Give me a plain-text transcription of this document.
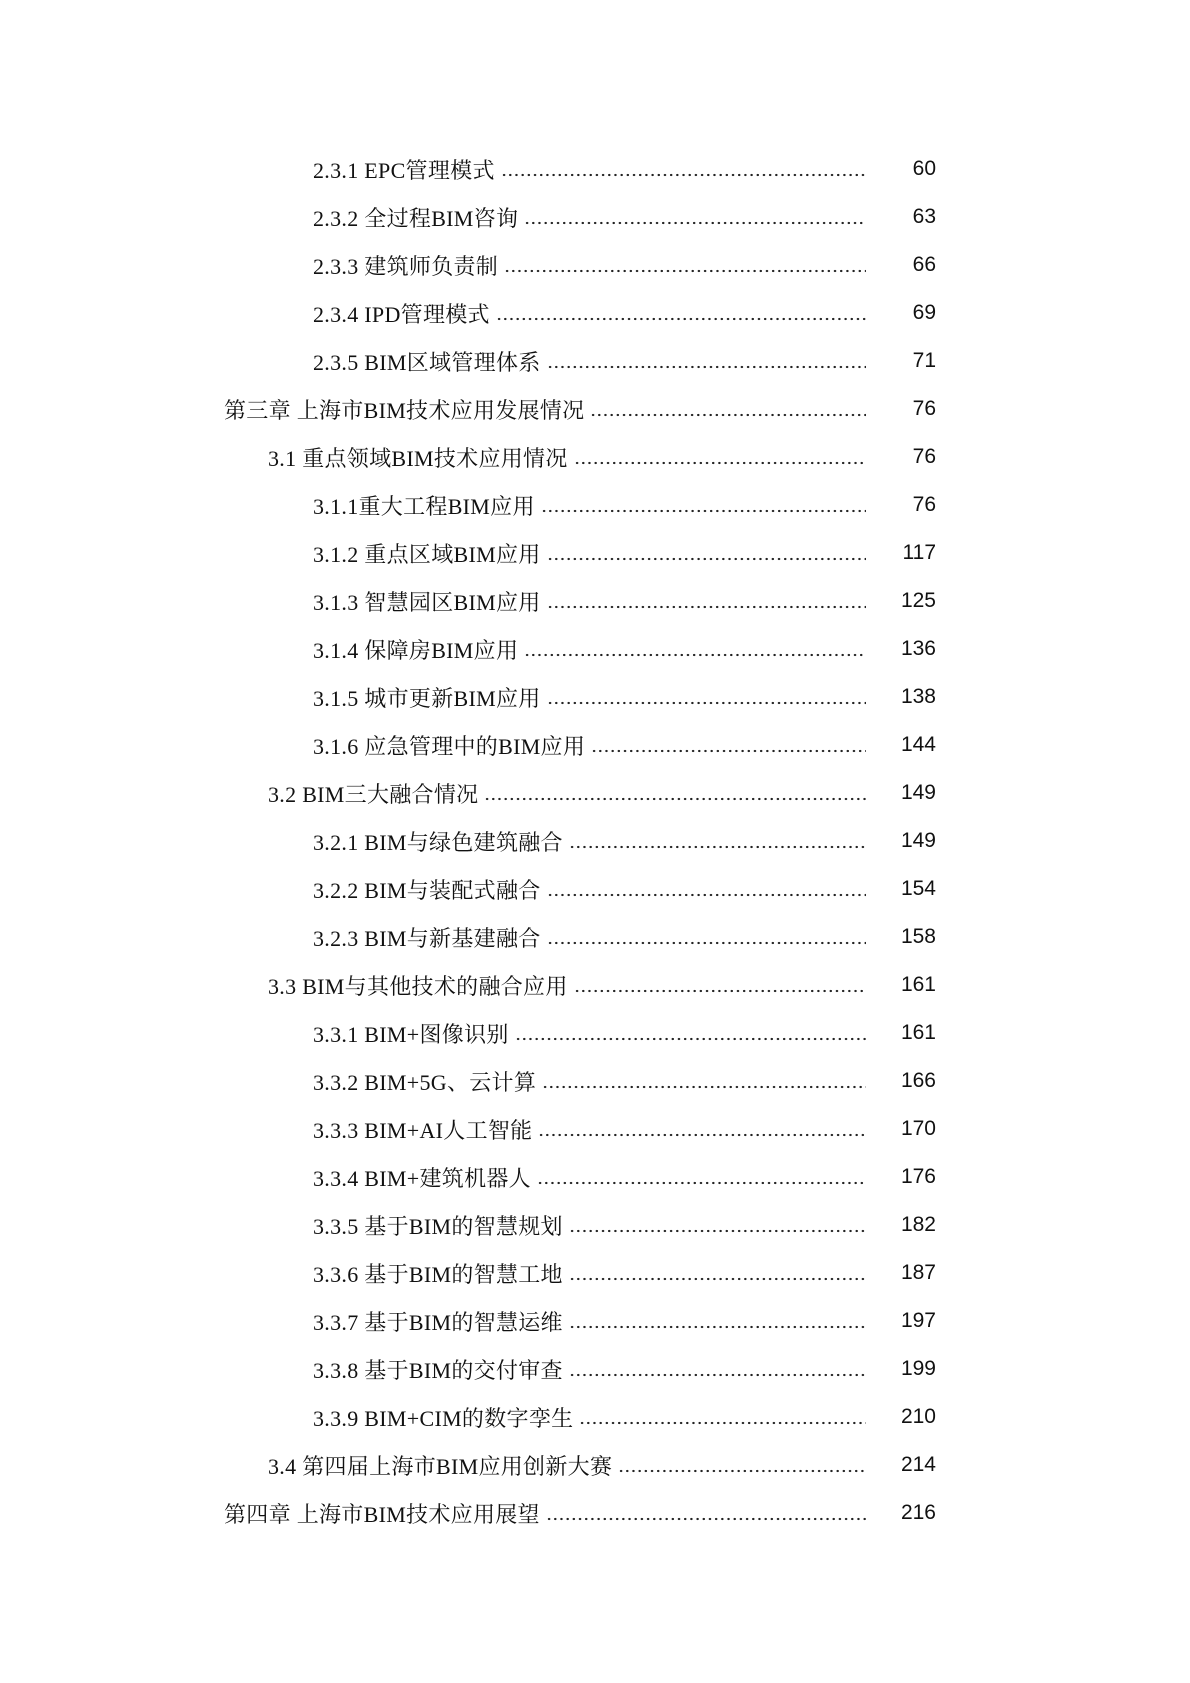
2.3.1 EPC管理模式	60
2.3.2 全过程BIM咨询	63
2.3.3 建筑师负责制	66
2.3.4 IPD管理模式	69
2.3.5 BIM区域管理体系	71
第三章 上海市BIM技术应用发展情况	76
3.1 重点领域BIM技术应用情况	76
3.1.1重大工程BIM应用	76
3.1.2 重点区域BIM应用	117
3.1.3 智慧园区BIM应用	125
3.1.4 保障房BIM应用	136
3.1.5 城市更新BIM应用	138
3.1.6 应急管理中的BIM应用	144
3.2 BIM三大融合情况	149
3.2.1 BIM与绿色建筑融合	149
3.2.2 BIM与装配式融合	154
3.2.3 BIM与新基建融合	158
3.3 BIM与其他技术的融合应用	161
3.3.1 BIM+图像识别	161
3.3.2 BIM+5G、云计算	166
3.3.3 BIM+AI人工智能	170
3.3.4 BIM+建筑机器人	176
3.3.5 基于BIM的智慧规划	182
3.3.6 基于BIM的智慧工地	187
3.3.7 基于BIM的智慧运维	197
3.3.8 基于BIM的交付审查	199
3.3.9 BIM+CIM的数字孪生	210
3.4 第四届上海市BIM应用创新大赛	214
第四章 上海市BIM技术应用展望	216
